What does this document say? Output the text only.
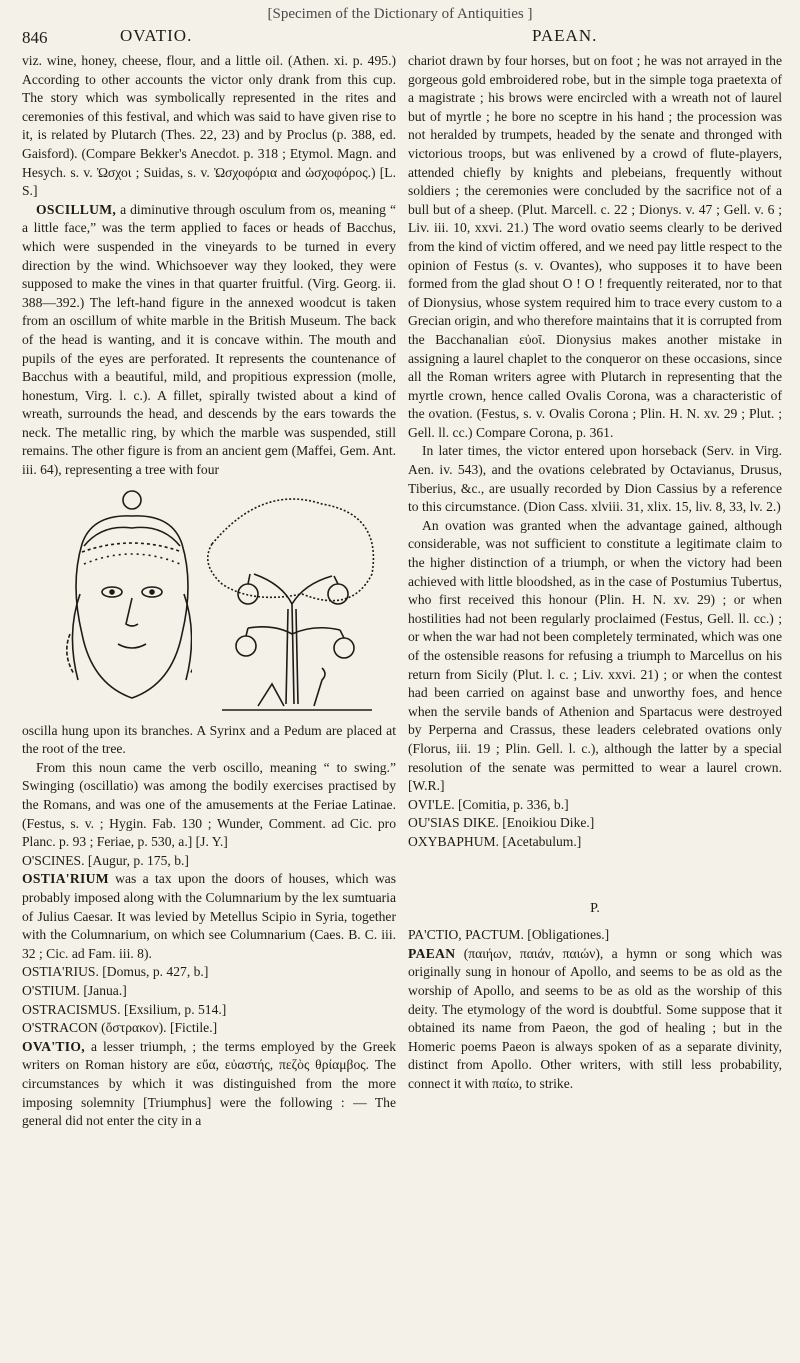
[Specimen of the Dictionary of Antiquities ]
846	OVATIO.	PAEAN.

viz. wine, honey, cheese, flour, and a little oil. (Athen. xi. p. 495.) According to other accounts the victor only drank from this cup. The story which was symbolically represented in the rites and ceremonies of this festival, and which was said to have given rise to it, is related by Plutarch (Thes. 22, 23) and by Proclus (p. 388, ed. Gaisford). (Compare Bekker's Anecdot. p. 318 ; Etymol. Magn. and Hesych. s. v. Ὠσχοι ; Suidas, s. v. Ὠσχοφόρια and ὠσχοφόρος.) [L. S.]

OSCILLUM, a diminutive through osculum from os, meaning “ a little face,” was the term applied to faces or heads of Bacchus, which were suspended in the vineyards to be turned in every direction by the wind. Whichsoever way they looked, they were supposed to make the vines in that quarter fruitful. (Virg. Georg. ii. 388—392.) The left-hand figure in the annexed woodcut is taken from an oscillum of white marble in the British Museum. The back of the head is wanting, and it is concave within. The mouth and pupils of the eyes are perforated. It represents the countenance of Bacchus with a beautiful, mild, and propitious expression (molle, honestum, Virg. l. c.). A fillet, spirally twisted about a kind of wreath, surrounds the head, and descends by the ears towards the neck. The metallic ring, by which the marble was suspended, still remains. The other figure is from an ancient gem (Maffei, Gem. Ant. iii. 64), representing a tree with four

oscilla hung upon its branches. A Syrinx and a Pedum are placed at the root of the tree.

From this noun came the verb oscillo, meaning “ to swing.” Swinging (oscillatio) was among the bodily exercises practised by the Romans, and was one of the amusements at the Feriae Latinae. (Festus, s. v. ; Hygin. Fab. 130 ; Wunder, Comment. ad Cic. pro Planc. p. 93 ; Feriae, p. 530, a.] [J. Y.]

O'SCINES. [Augur, p. 175, b.]

OSTIA'RIUM was a tax upon the doors of houses, which was probably imposed along with the Columnarium by the lex sumtuaria of Julius Caesar. It was levied by Metellus Scipio in Syria, together with the Columnarium, on which see Columnarium (Caes. B. C. iii. 32 ; Cic. ad Fam. iii. 8).

OSTIA'RIUS. [Domus, p. 427, b.]

O'STIUM. [Janua.]

OSTRACISMUS. [Exsilium, p. 514.]

O'STRACON (ὄστρακον). [Fictile.]

OVA'TIO, a lesser triumph, ; the terms employed by the Greek writers on Roman history are εὔα, εὐαστής, πεζὸς θρίαμβος. The circumstances by which it was distinguished from the more imposing solemnity [Triumphus] were the following : — The general did not enter the city in a

chariot drawn by four horses, but on foot ; he was not arrayed in the gorgeous gold embroidered robe, but in the simple toga praetexta of a magistrate ; his brows were encircled with a wreath not of laurel but of myrtle ; he bore no sceptre in his hand ; the procession was not heralded by trumpets, headed by the senate and thronged with victorious troops, but was enlivened by a crowd of flute-players, attended chiefly by knights and plebeians, frequently without soldiers ; the ceremonies were concluded by the sacrifice not of a bull but of a sheep. (Plut. Marcell. c. 22 ; Dionys. v. 47 ; Gell. v. 6 ; Liv. iii. 10, xxvi. 21.) The word ovatio seems clearly to be derived from the kind of victim offered, and we need pay little respect to the opinion of Festus (s. v. Ovantes), who supposes it to have been formed from the glad shout O ! O ! frequently reiterated, nor to that of Dionysius, whose system required him to trace every custom to a Grecian origin, and who therefore maintains that it is corrupted from the Bacchanalian εὐοῖ. Dionysius makes another mistake in assigning a laurel chaplet to the conqueror on these occasions, since all the Roman writers agree with Plutarch in representing that the myrtle crown, hence called Ovalis Corona, was a characteristic of the ovation. (Festus, s. v. Ovalis Corona ; Plin. H. N. xv. 29 ; Plut. ; Gell. ll. cc.) Compare Corona, p. 361.

In later times, the victor entered upon horseback (Serv. in Virg. Aen. iv. 543), and the ovations celebrated by Octavianus, Drusus, Tiberius, &c., are usually recorded by Dion Cassius by a reference to this circumstance. (Dion Cass. xlviii. 31, xlix. 15, liv. 8, 33, lv. 2.)

An ovation was granted when the advantage gained, although considerable, was not sufficient to constitute a legitimate claim to the higher distinction of a triumph, or when the victory had been achieved with little bloodshed, as in the case of Postumius Tubertus, who first received this honour (Plin. H. N. xv. 29) ; or when hostilities had not been regularly proclaimed (Festus, Gell. ll. cc.) ; or when the war had not been completely terminated, which was one of the ostensible reasons for refusing a triumph to Marcellus on his return from Sicily (Plut. l. c. ; Liv. xxvi. 21) ; or when the contest had been carried on against base and unworthy foes, and hence when the servile bands of Athenion and Spartacus were destroyed by Perperna and Crassus, these leaders celebrated ovations only (Florus, iii. 19 ; Plin. Gell. l. c.), although the latter by a special resolution of the senate was permitted to wear a laurel crown. [W.R.]

OVI'LE. [Comitia, p. 336, b.]

OU'SIAS DIKE. [Enoikiou Dike.]

OXYBAPHUM. [Acetabulum.]

P.

PA'CTIO, PACTUM. [Obligationes.]

PAEAN (παιήων, παιάν, παιών), a hymn or song which was originally sung in honour of Apollo, and seems to be as old as the worship of Apollo, and seems to be as old as the worship of this deity. The etymology of the word is doubtful. Some suppose that it obtained its name from Paeon, the god of healing ; but in the Homeric poems Paeon is always spoken of as a separate divinity, distinct from Apollo. Other writers, with still less probability, connect it with παίω, to strike.
